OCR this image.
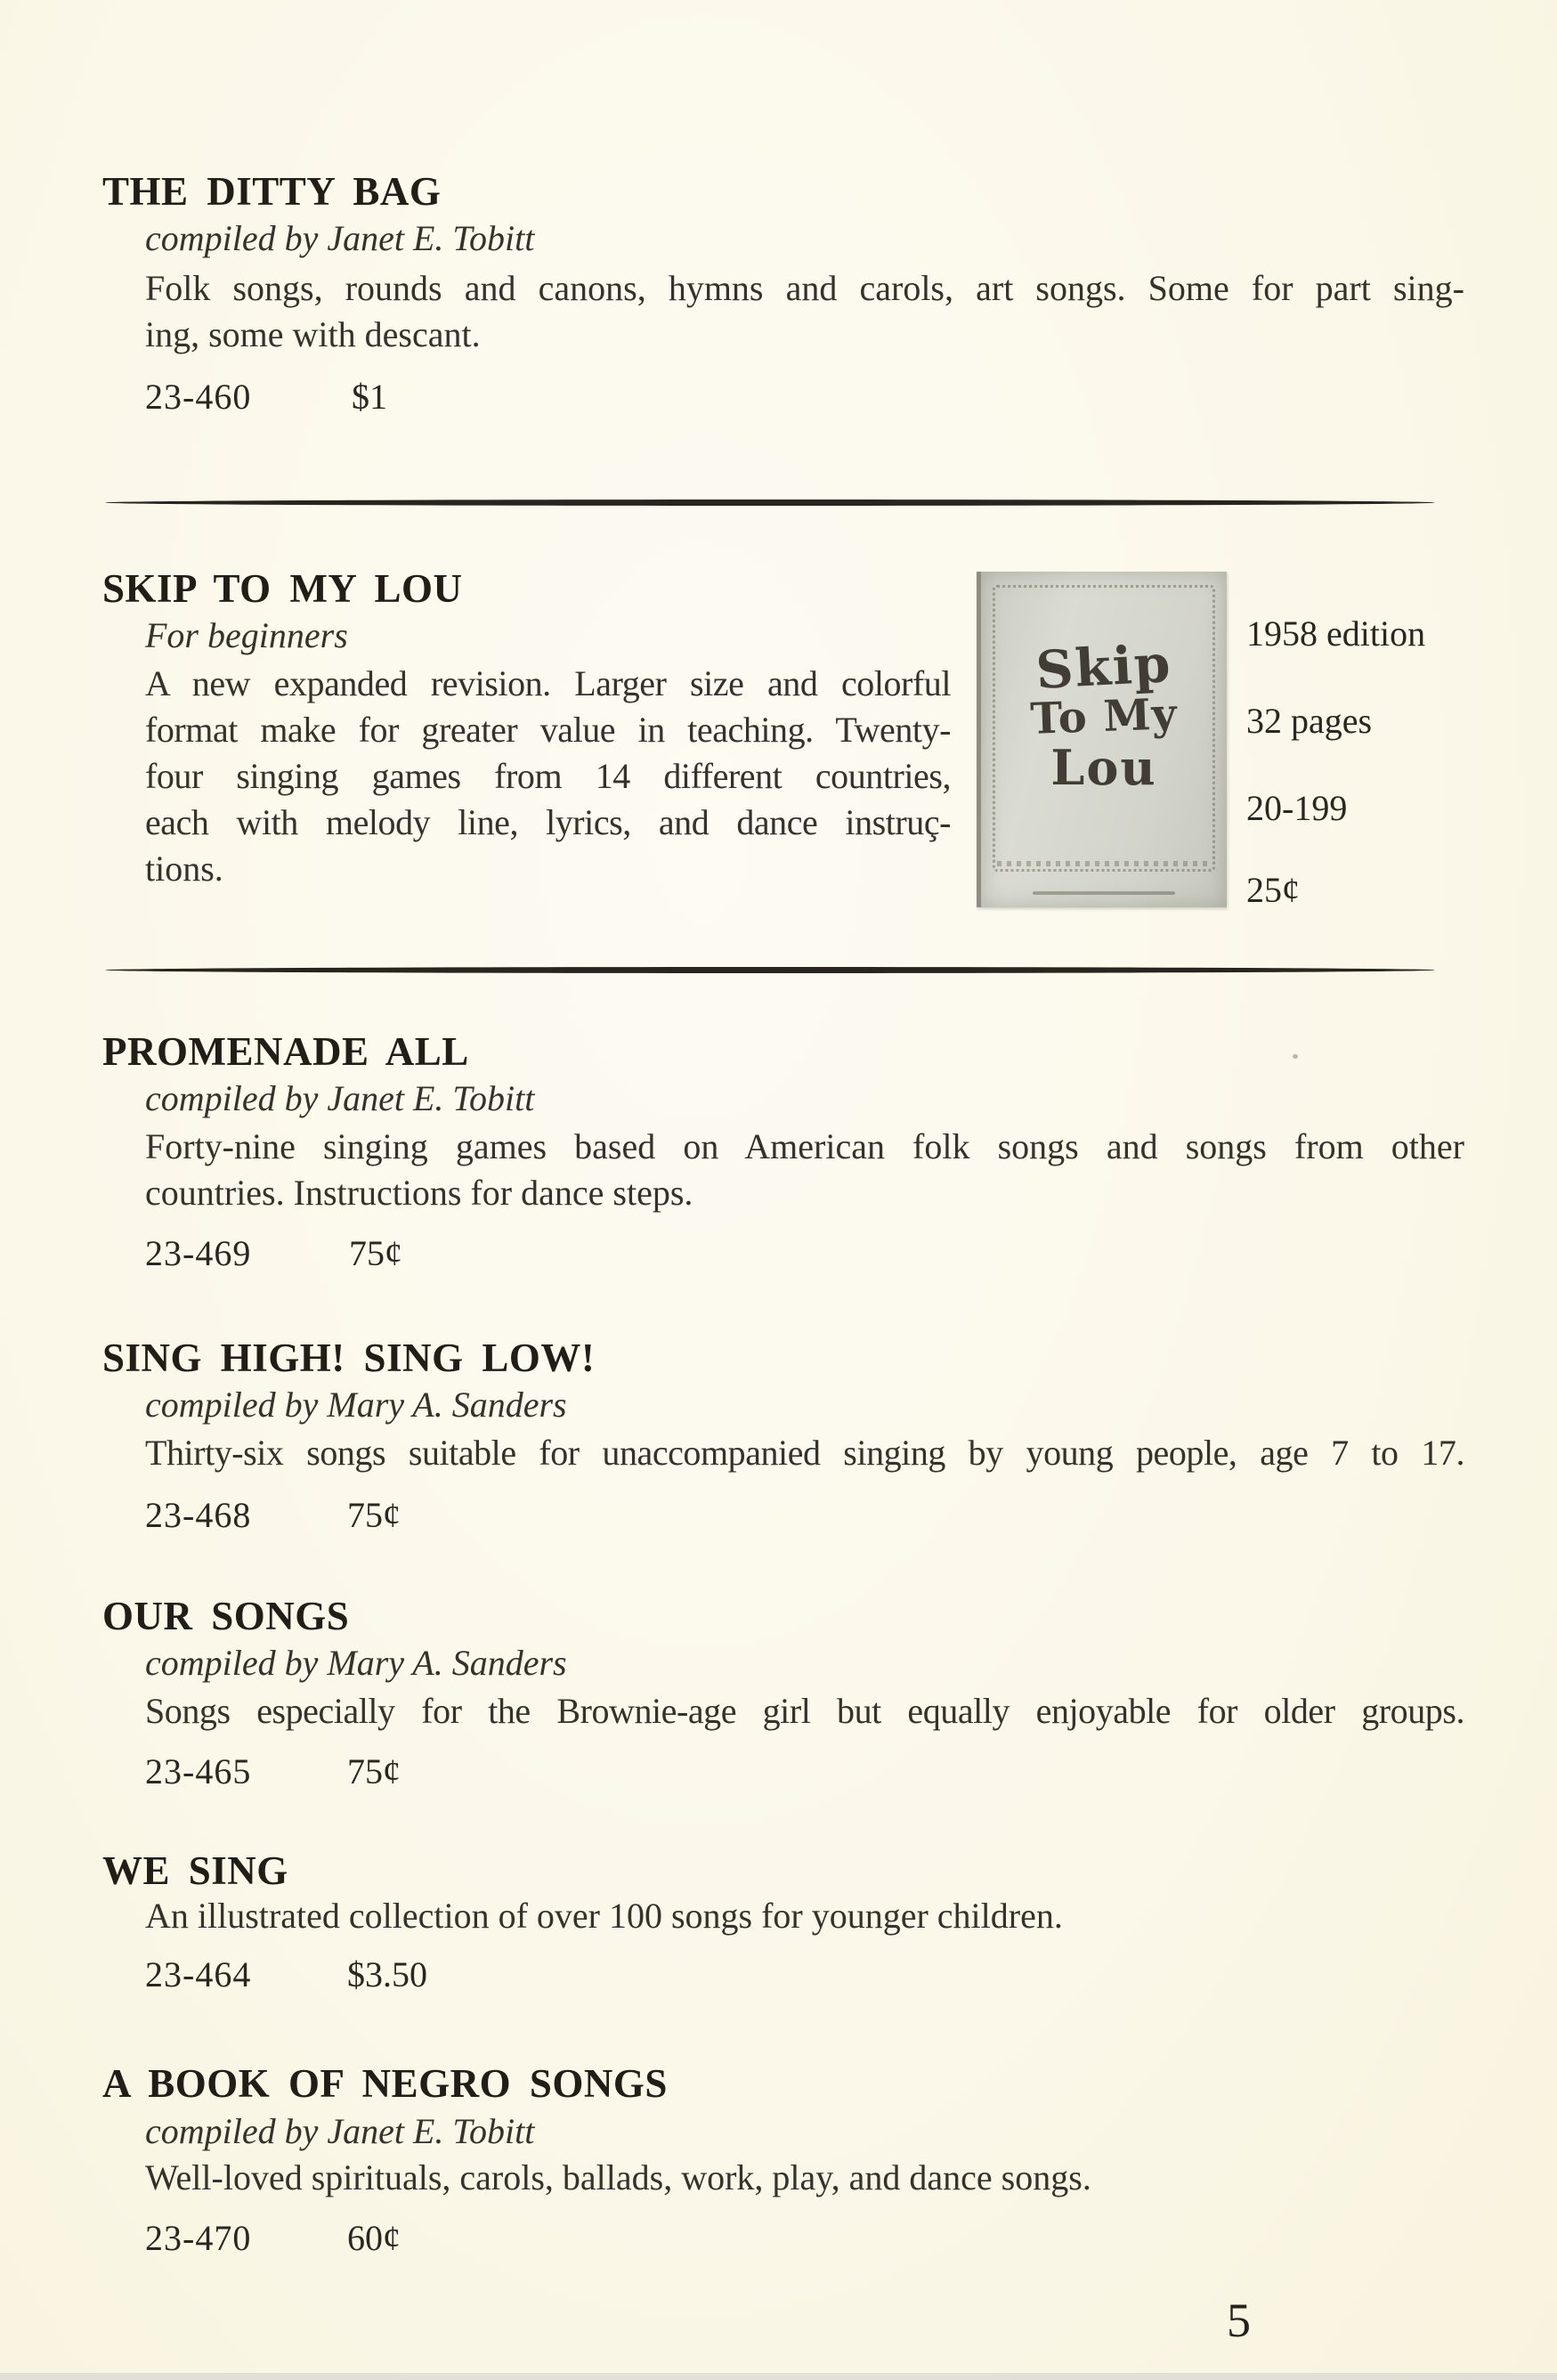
THE DITTY BAG
compiled by Janet E. Tobitt
Folk songs, rounds and canons, hymns and carols, art songs. Some for part sing-
ing, some with descant.
23-460	$1
SKIP TO MY LOU
For beginners
A new expanded revision. Larger size and colorful
format make for greater value in teaching. Twenty-
four singing games from 14 different countries,
each with melody line, lyrics, and dance instruç-
tions.
Skip
To My
Lou
1958 edition
32 pages
20-199
25¢
PROMENADE ALL
compiled by Janet E. Tobitt
Forty-nine singing games based on American folk songs and songs from other
countries. Instructions for dance steps.
23-469	75¢
SING HIGH! SING LOW!
compiled by Mary A. Sanders
Thirty-six songs suitable for unaccompanied singing by young people, age 7 to 17.
23-468	75¢
OUR SONGS
compiled by Mary A. Sanders
Songs especially for the Brownie-age girl but equally enjoyable for older groups.
23-465	75¢
WE SING
An illustrated collection of over 100 songs for younger children.
23-464	$3.50
A BOOK OF NEGRO SONGS
compiled by Janet E. Tobitt
Well-loved spirituals, carols, ballads, work, play, and dance songs.
23-470	60¢
5
